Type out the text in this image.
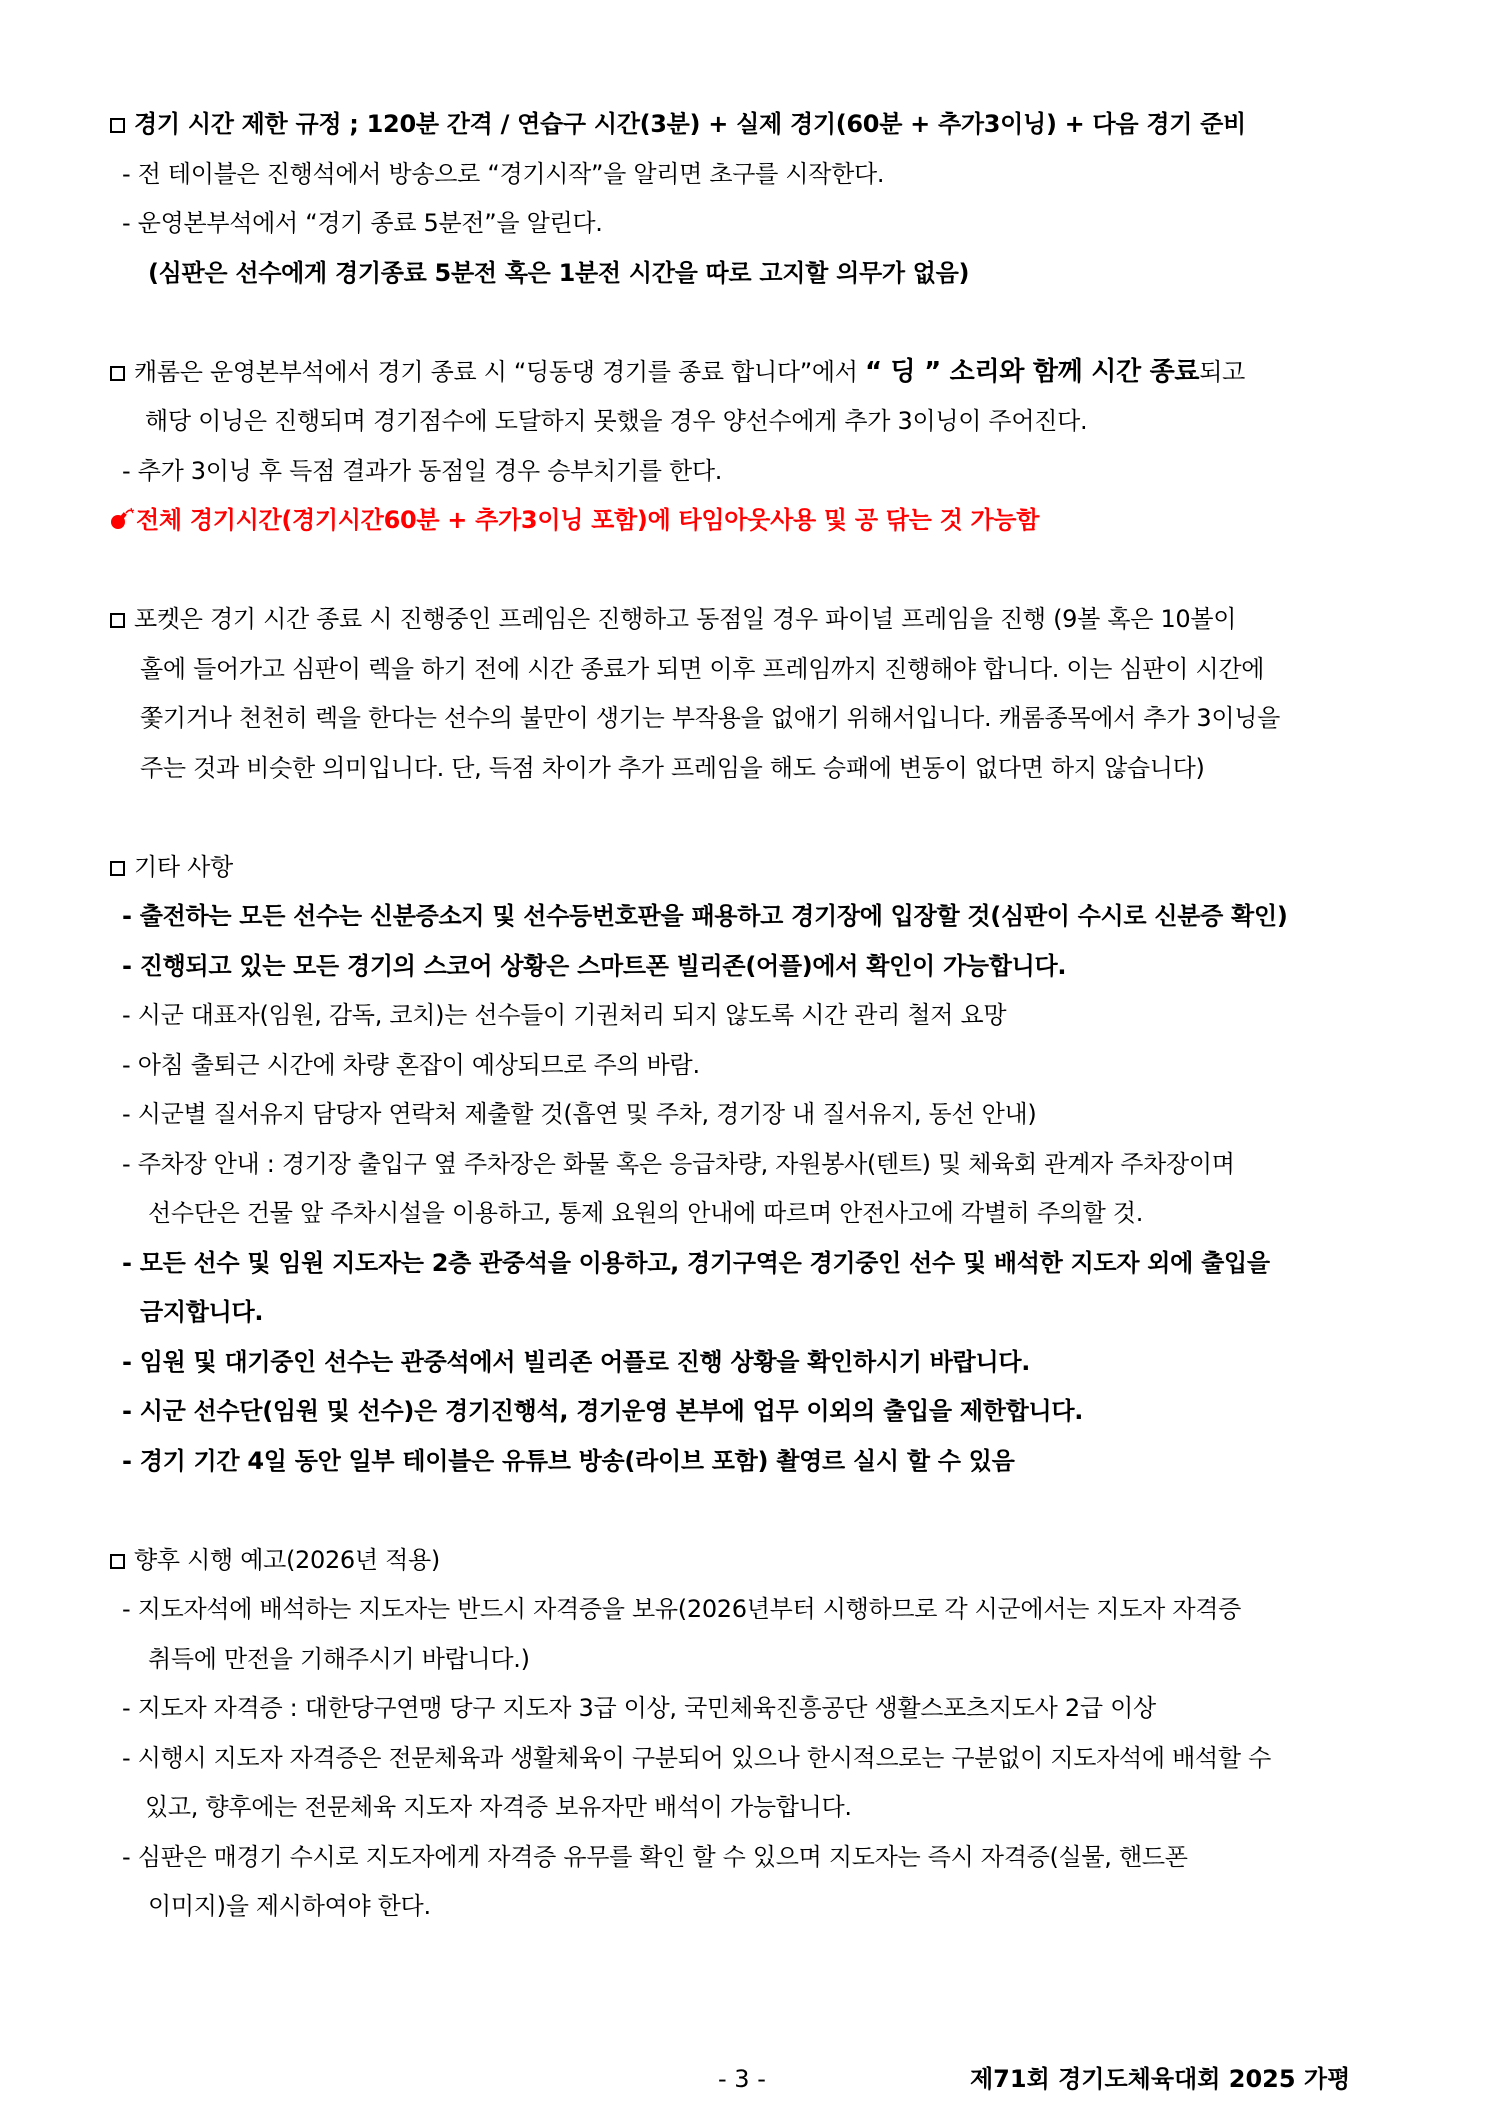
경기 시간 제한 규정 ; 120분 간격 / 연습구 시간(3분) + 실제 경기(60분 + 추가3이닝) + 다음 경기 준비
- 전 테이블은 진행석에서 방송으로 “경기시작”을 알리면 초구를 시작한다.
- 운영본부석에서 “경기 종료 5분전”을 알린다.
(심판은 선수에게 경기종료 5분전 혹은 1분전 시간을 따로 고지할 의무가 없음)
캐롬은 운영본부석에서 경기 종료 시 “딩동댕 경기를 종료 합니다”에서 “ 딩 ” 소리와 함께 시간 종료되고
해당 이닝은 진행되며 경기점수에 도달하지 못했을 경우 양선수에게 추가 3이닝이 주어진다.
- 추가 3이닝 후 득점 결과가 동점일 경우 승부치기를 한다.
전체 경기시간(경기시간60분 + 추가3이닝 포함)에 타임아웃사용 및 공 닦는 것 가능함
포켓은 경기 시간 종료 시 진행중인 프레임은 진행하고 동점일 경우 파이널 프레임을 진행 (9볼 혹은 10볼이
홀에 들어가고 심판이 렉을 하기 전에 시간 종료가 되면 이후 프레임까지 진행해야 합니다. 이는 심판이 시간에
쫓기거나 천천히 렉을 한다는 선수의 불만이 생기는 부작용을 없애기 위해서입니다. 캐롬종목에서 추가 3이닝을
주는 것과 비슷한 의미입니다. 단, 득점 차이가 추가 프레임을 해도 승패에 변동이 없다면 하지 않습니다)
기타 사항
- 출전하는 모든 선수는 신분증소지 및 선수등번호판을 패용하고 경기장에 입장할 것(심판이 수시로 신분증 확인)
- 진행되고 있는 모든 경기의 스코어 상황은 스마트폰 빌리존(어플)에서 확인이 가능합니다.
- 시군 대표자(임원, 감독, 코치)는 선수들이 기권처리 되지 않도록 시간 관리 철저 요망
- 아침 출퇴근 시간에 차량 혼잡이 예상되므로 주의 바람.
- 시군별 질서유지 담당자 연락처 제출할 것(흡연 및 주차, 경기장 내 질서유지, 동선 안내)
- 주차장 안내 : 경기장 출입구 옆 주차장은 화물 혹은 응급차량, 자원봉사(텐트) 및 체육회 관계자 주차장이며
선수단은 건물 앞 주차시설을 이용하고, 통제 요원의 안내에 따르며 안전사고에 각별히 주의할 것.
- 모든 선수 및 임원 지도자는 2층 관중석을 이용하고, 경기구역은 경기중인 선수 및 배석한 지도자 외에 출입을
금지합니다.
- 임원 및 대기중인 선수는 관중석에서 빌리존 어플로 진행 상황을 확인하시기 바랍니다.
- 시군 선수단(임원 및 선수)은 경기진행석, 경기운영 본부에 업무 이외의 출입을 제한합니다.
- 경기 기간 4일 동안 일부 테이블은 유튜브 방송(라이브 포함) 촬영르 실시 할 수 있음
향후 시행 예고(2026년 적용)
- 지도자석에 배석하는 지도자는 반드시 자격증을 보유(2026년부터 시행하므로 각 시군에서는 지도자 자격증
취득에 만전을 기해주시기 바랍니다.)
- 지도자 자격증 : 대한당구연맹 당구 지도자 3급 이상, 국민체육진흥공단 생활스포츠지도사 2급 이상
- 시행시 지도자 자격증은 전문체육과 생활체육이 구분되어 있으나 한시적으로는 구분없이 지도자석에 배석할 수
있고, 향후에는 전문체육 지도자 자격증 보유자만 배석이 가능합니다.
- 심판은 매경기 수시로 지도자에게 자격증 유무를 확인 할 수 있으며 지도자는 즉시 자격증(실물, 핸드폰
이미지)을 제시하여야 한다.
- 3 -	제71회 경기도체육대회 2025 가평
